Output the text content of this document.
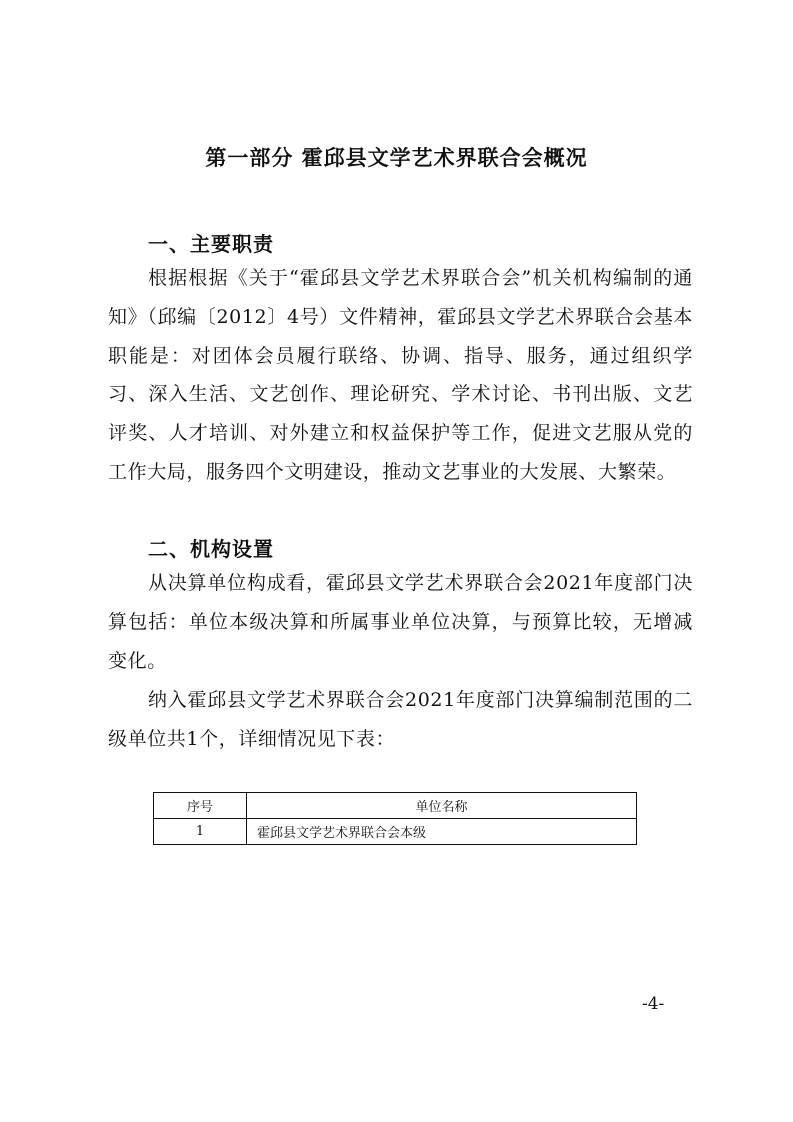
第一部分 霍邱县文学艺术界联合会概况
一、主要职责

根据根据《关于“霍邱县文学艺术界联合会”机关机构编制的通知》（邱编〔2012〕4号）文件精神，霍邱县文学艺术界联合会基本职能是：对团体会员履行联络、协调、指导、服务，通过组织学习、深入生活、文艺创作、理论研究、学术讨论、书刊出版、文艺评奖、人才培训、对外建立和权益保护等工作，促进文艺服从党的工作大局，服务四个文明建设，推动文艺事业的大发展、大繁荣。

二、机构设置

从决算单位构成看，霍邱县文学艺术界联合会2021年度部门决算包括：单位本级决算和所属事业单位决算，与预算比较，无增减变化。

纳入霍邱县文学艺术界联合会2021年度部门决算编制范围的二级单位共1个，详细情况见下表：

序号	单位名称
1	霍邱县文学艺术界联合会本级
-4-
